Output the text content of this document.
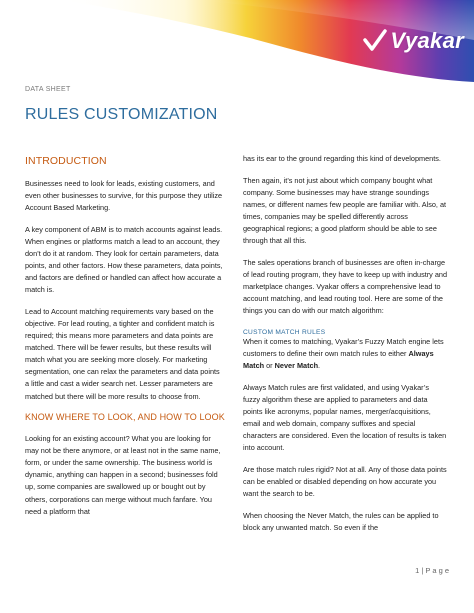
Vyakar
DATA SHEET
RULES CUSTOMIZATION
INTRODUCTION

Businesses need to look for leads, existing customers, and even other businesses to survive, for this purpose they utilize Account Based Marketing.

A key component of ABM is to match accounts against leads. When engines or platforms match a lead to an account, they don’t do it at random. They look for certain parameters, data points, and other factors. How these parameters, data points, and factors are defined or handled can affect how accurate a match is.

Lead to Account matching requirements vary based on the objective. For lead routing, a tighter and confident match is required; this means more parameters and data points are matched. There will be fewer results, but these results will match what you are seeking more closely. For marketing segmentation, one can relax the parameters and data points a little and cast a wider search net. Lesser parameters are matched but there will be more results to choose from.

KNOW WHERE TO LOOK, AND HOW TO LOOK

Looking for an existing account? What you are looking for may not be there anymore, or at least not in the same name, form, or under the same ownership. The business world is dynamic, anything can happen in a second; businesses fold up, some companies are swallowed up or bought out by others, corporations can merge without much fanfare. You need a platform that

has its ear to the ground regarding this kind of developments.

Then again, it’s not just about which company bought what company. Some businesses may have strange soundings names, or different names few people are familiar with. Also, at times, companies may be spelled differently across geographical regions; a good platform should be able to see through that all this.

The sales operations branch of businesses are often in-charge of lead routing program, they have to keep up with industry and marketplace changes. Vyakar offers a comprehensive lead to account matching, and lead routing tool. Here are some of the things you can do with our match algorithm:

CUSTOM MATCH RULES

When it comes to matching, Vyakar’s Fuzzy Match engine lets customers to define their own match rules to either Always Match or Never Match.

Always Match rules are first validated, and using Vyakar’s fuzzy algorithm these are applied to parameters and data points like acronyms, popular names, merger/acquisitions, email and web domain, company suffixes and special characters are considered. Even the location of results is taken into account.

Are those match rules rigid? Not at all. Any of those data points can be enabled or disabled depending on how accurate you want the search to be.

When choosing the Never Match, the rules can be applied to block any unwanted match. So even if the

1 | P a g e
